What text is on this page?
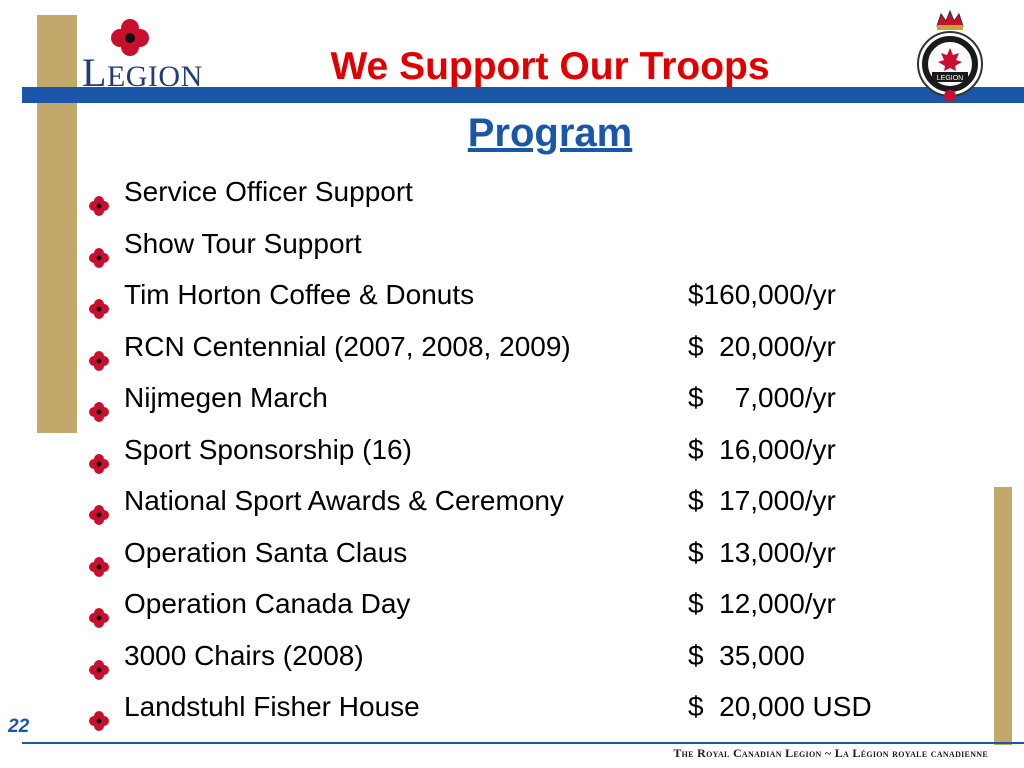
LEGION	We Support Our Troops
Program
LEGION
Service Officer Support
Show Tour Support
Tim Horton Coffee & Donuts	$160,000/yr
RCN Centennial (2007, 2008, 2009)	$  20,000/yr
Nijmegen March	$    7,000/yr
Sport Sponsorship (16)	$  16,000/yr
National Sport Awards & Ceremony	$  17,000/yr
Operation Santa Claus	$  13,000/yr
Operation Canada Day	$  12,000/yr
3000 Chairs (2008)	$  35,000
Landstuhl Fisher House	$  20,000 USD
22
The Royal Canadian Legion ~ La Légion royale canadienne
